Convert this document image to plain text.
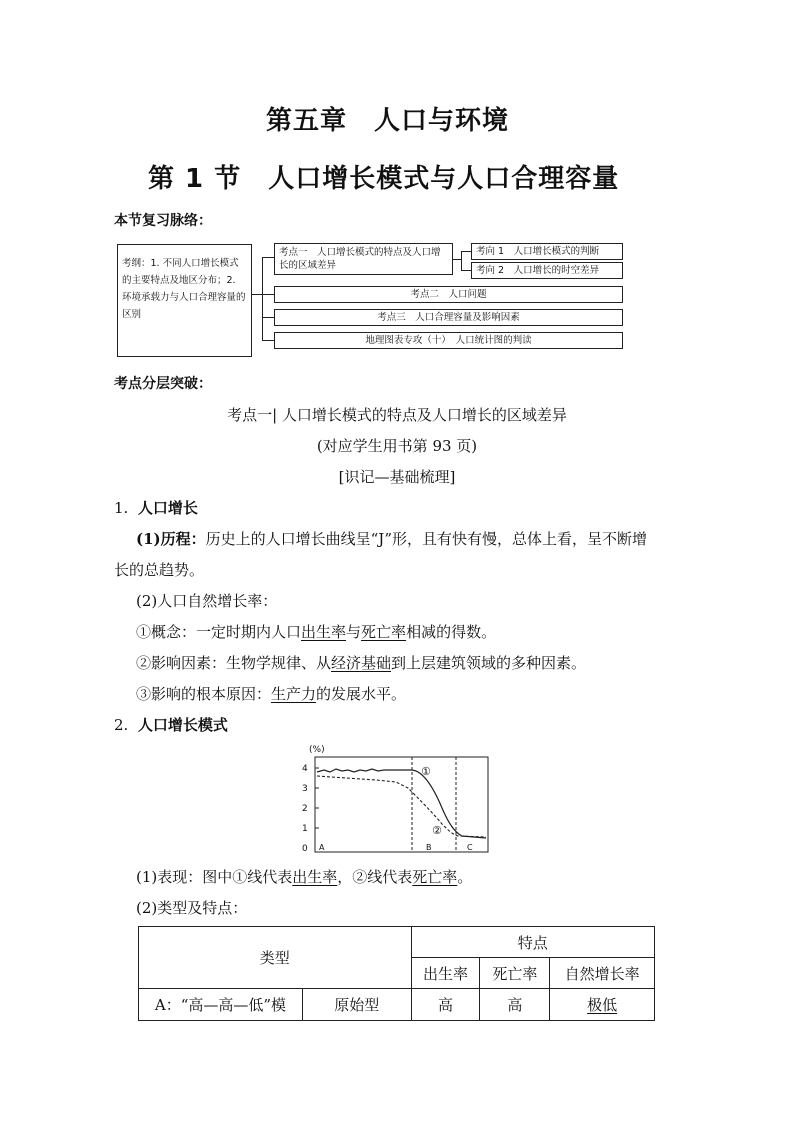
第五章　人口与环境
第 1 节　人口增长模式与人口合理容量
本节复习脉络：
考纲：1. 不同人口增长模式的主要特点及地区分布；2. 环境承载力与人口合理容量的区别
考点一　人口增长模式的特点及人口增长的区域差异
考向 1　人口增长模式的判断
考向 2　人口增长的时空差异
考点二　人口问题
考点三　人口合理容量及影响因素
地理图表专攻（十）　人口统计图的判读
考点分层突破：
考点一| 人口增长模式的特点及人口增长的区域差异
(对应学生用书第 93 页)
[识记—基础梳理]
1. 人口增长
(1)历程：历史上的人口增长曲线呈“J”形，且有快有慢，总体上看，呈不断增
长的总趋势。
(2)人口自然增长率：
①概念：一定时期内人口出生率与死亡率相减的得数。
②影响因素：生物学规律、从经济基础到上层建筑领域的多种因素。
③影响的根本原因：生产力的发展水平。
2. 人口增长模式
(%)
0
1
2
3
4	①
②
A	B	C
(1)表现：图中①线代表出生率，②线代表死亡率。
(2)类型及特点：
类型		特点		
		出生率	死亡率	自然增长率
A：“高—高—低”模	原始型	高	高	极低
